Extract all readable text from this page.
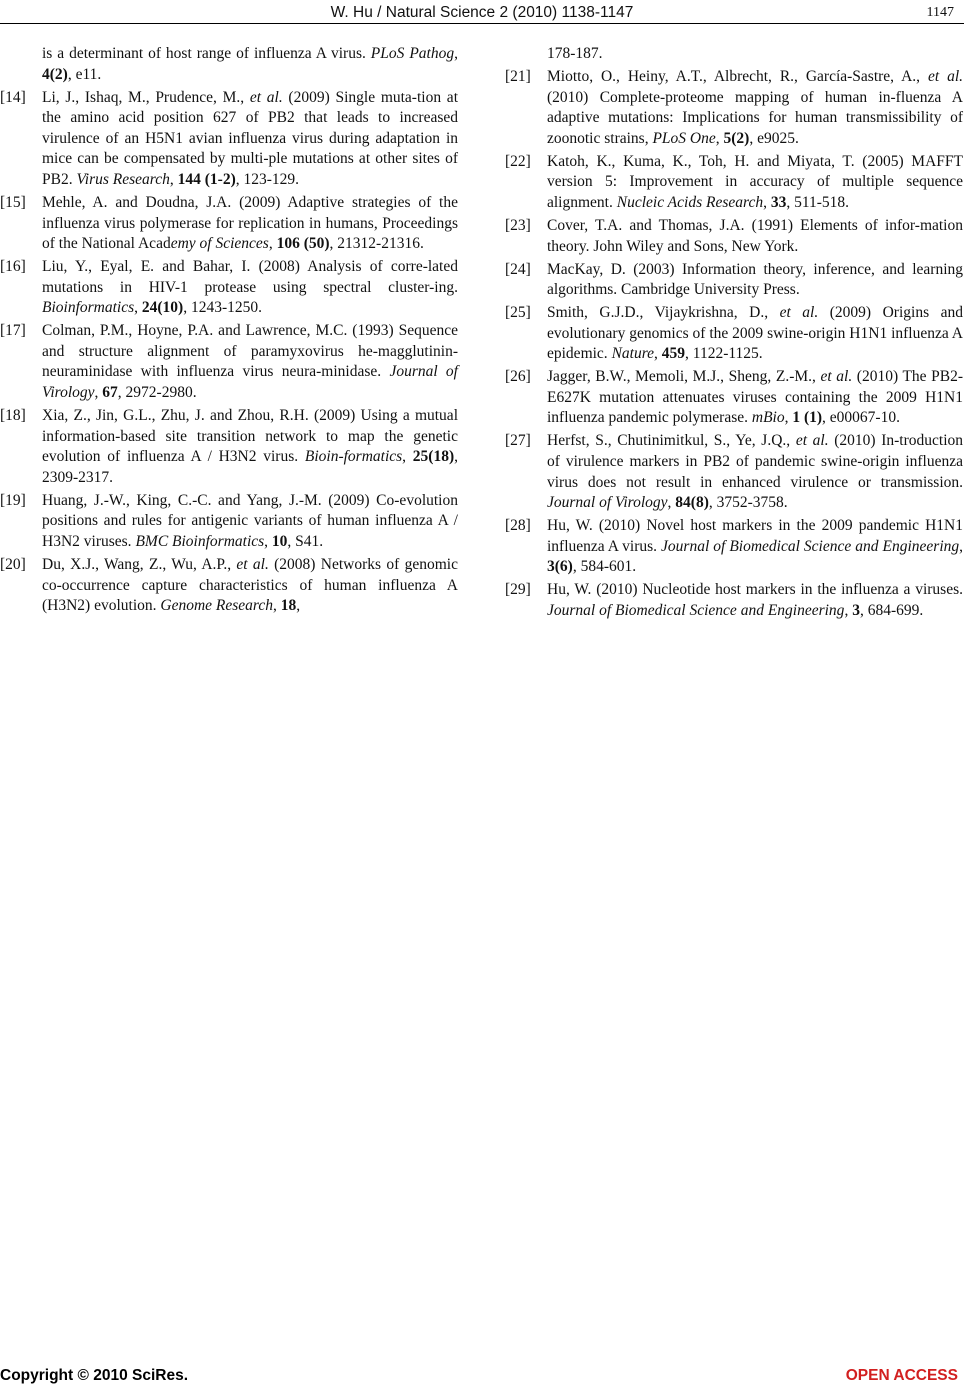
W. Hu / Natural Science 2 (2010) 1138-1147	1147
is a determinant of host range of influenza A virus. PLoS Pathog, 4(2), e11.
[14] Li, J., Ishaq, M., Prudence, M., et al. (2009) Single muta-tion at the amino acid position 627 of PB2 that leads to increased virulence of an H5N1 avian influenza virus during adaptation in mice can be compensated by multi-ple mutations at other sites of PB2. Virus Research, 144 (1-2), 123-129.
[15] Mehle, A. and Doudna, J.A. (2009) Adaptive strategies of the influenza virus polymerase for replication in humans, Proceedings of the National Academy of Sciences, 106 (50), 21312-21316.
[16] Liu, Y., Eyal, E. and Bahar, I. (2008) Analysis of corre-lated mutations in HIV-1 protease using spectral cluster-ing. Bioinformatics, 24(10), 1243-1250.
[17] Colman, P.M., Hoyne, P.A. and Lawrence, M.C. (1993) Sequence and structure alignment of paramyxovirus he-magglutinin-neuraminidase with influenza virus neura-minidase. Journal of Virology, 67, 2972-2980.
[18] Xia, Z., Jin, G.L., Zhu, J. and Zhou, R.H. (2009) Using a mutual information-based site transition network to map the genetic evolution of influenza A / H3N2 virus. Bioin-formatics, 25(18), 2309-2317.
[19] Huang, J.-W., King, C.-C. and Yang, J.-M. (2009) Co-evolution positions and rules for antigenic variants of human influenza A / H3N2 viruses. BMC Bioinformatics, 10, S41.
[20] Du, X.J., Wang, Z., Wu, A.P., et al. (2008) Networks of genomic co-occurrence capture characteristics of human influenza A (H3N2) evolution. Genome Research, 18,
178-187.
[21] Miotto, O., Heiny, A.T., Albrecht, R., García-Sastre, A., et al. (2010) Complete-proteome mapping of human in-fluenza A adaptive mutations: Implications for human transmissibility of zoonotic strains, PLoS One, 5(2), e9025.
[22] Katoh, K., Kuma, K., Toh, H. and Miyata, T. (2005) MAFFT version 5: Improvement in accuracy of multiple sequence alignment. Nucleic Acids Research, 33, 511-518.
[23] Cover, T.A. and Thomas, J.A. (1991) Elements of infor-mation theory. John Wiley and Sons, New York.
[24] MacKay, D. (2003) Information theory, inference, and learning algorithms. Cambridge University Press.
[25] Smith, G.J.D., Vijaykrishna, D., et al. (2009) Origins and evolutionary genomics of the 2009 swine-origin H1N1 influenza A epidemic. Nature, 459, 1122-1125.
[26] Jagger, B.W., Memoli, M.J., Sheng, Z.-M., et al. (2010) The PB2-E627K mutation attenuates viruses containing the 2009 H1N1 influenza pandemic polymerase. mBio, 1 (1), e00067-10.
[27] Herfst, S., Chutinimitkul, S., Ye, J.Q., et al. (2010) In-troduction of virulence markers in PB2 of pandemic swine-origin influenza virus does not result in enhanced virulence or transmission. Journal of Virology, 84(8), 3752-3758.
[28] Hu, W. (2010) Novel host markers in the 2009 pandemic H1N1 influenza A virus. Journal of Biomedical Science and Engineering, 3(6), 584-601.
[29] Hu, W. (2010) Nucleotide host markers in the influenza a viruses. Journal of Biomedical Science and Engineering, 3, 684-699.
Copyright © 2010 SciRes.	OPEN ACCESS
